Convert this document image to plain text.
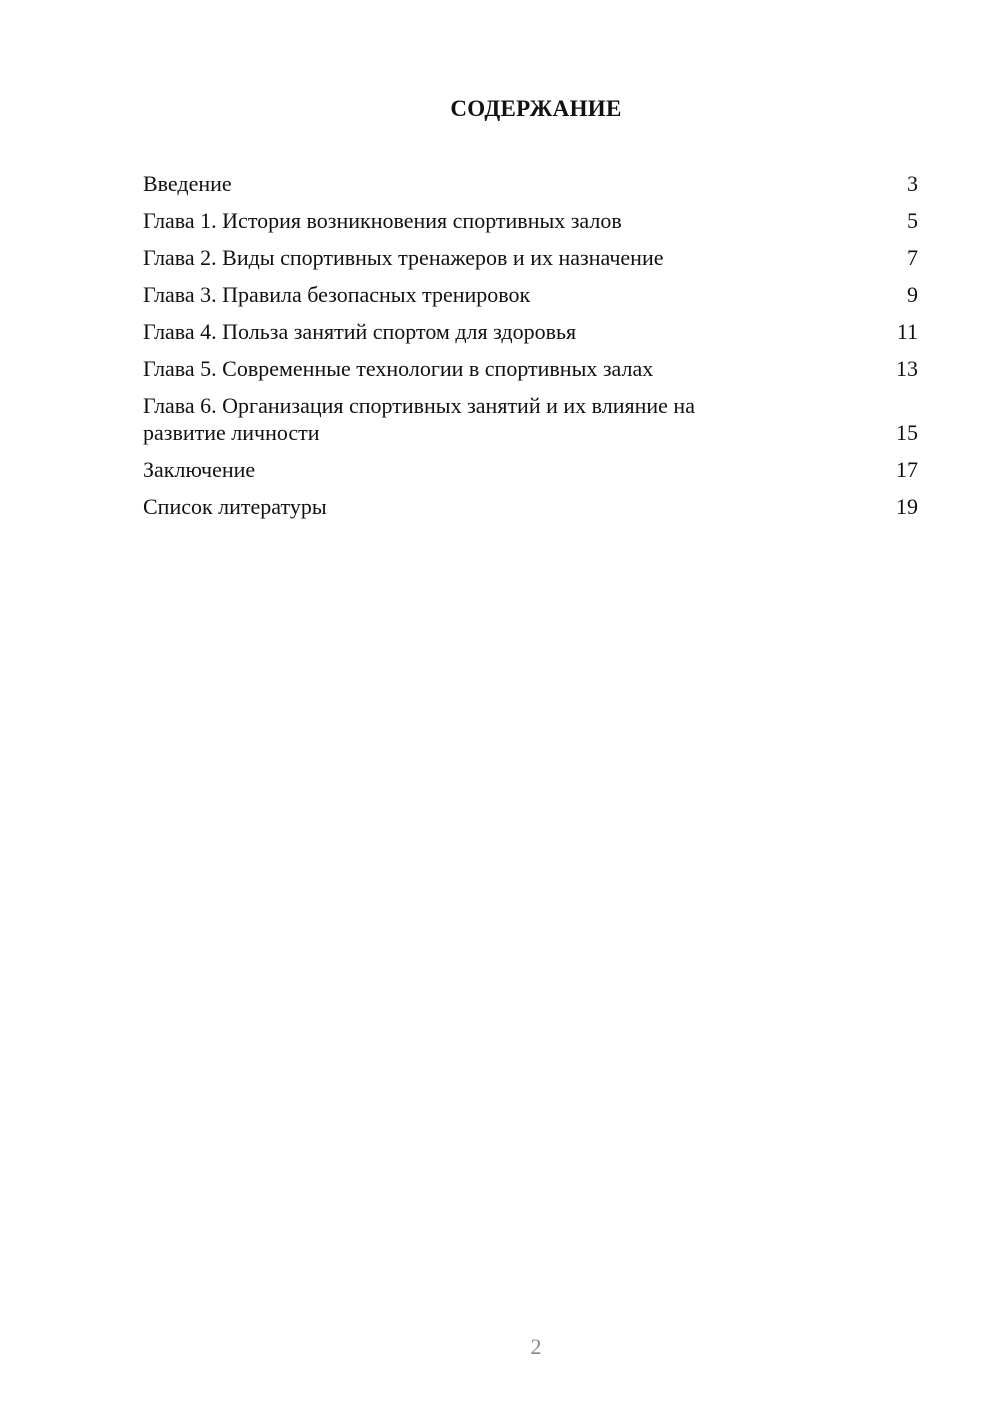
СОДЕРЖАНИЕ
Введение	3
Глава 1. История возникновения спортивных залов	5
Глава 2. Виды спортивных тренажеров и их назначение	7
Глава 3. Правила безопасных тренировок	9
Глава 4. Польза занятий спортом для здоровья	11
Глава 5. Современные технологии в спортивных залах	13
Глава 6. Организация спортивных занятий и их влияние на развитие личности	15
Заключение	17
Список литературы	19
2
